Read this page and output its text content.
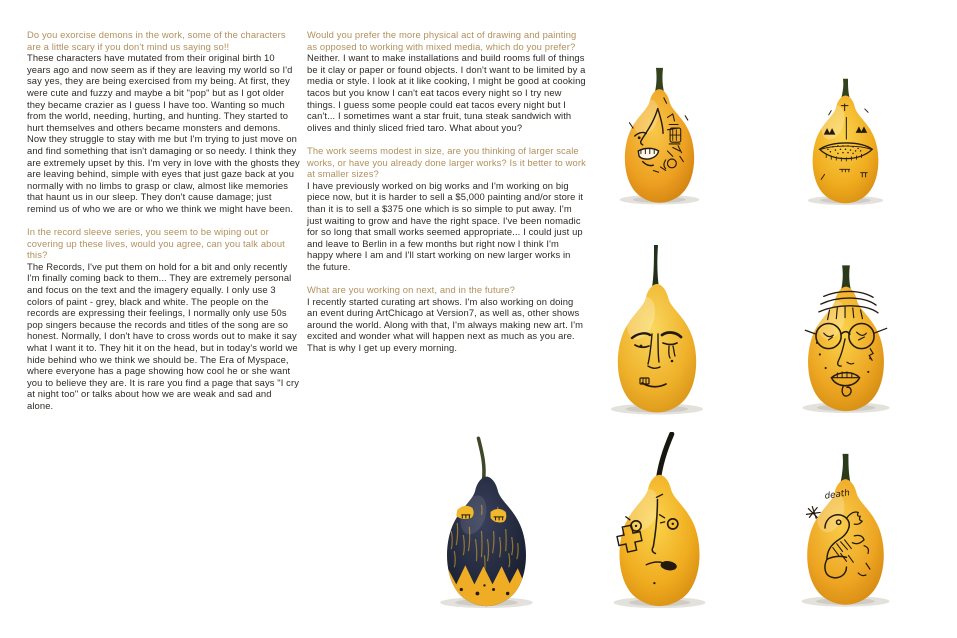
Do you exorcise demons in the work, some of the characters are a little scary if you don't mind us saying so!!

These characters have mutated from their original birth 10 years ago and now seem as if they are leaving my world so I'd say yes, they are being exercised from my being. At first, they were cute and fuzzy and maybe a bit "pop" but as I got older they became crazier as I guess I have too. Wanting so much from the world, needing, hurting, and hunting. They started to hurt themselves and others became monsters and demons. Now they struggle to stay with me but I'm trying to just move on and find something that isn't damaging or so needy. I think they are extremely upset by this. I'm very in love with the ghosts they are leaving behind, simple with eyes that just gaze back at you normally with no limbs to grasp or claw, almost like memories that haunt us in our sleep. They don't cause damage; just remind us of who we are or who we think we might have been.

In the record sleeve series, you seem to be wiping out or covering up these lives, would you agree, can you talk about this?

The Records, I've put them on hold for a bit and only recently I'm finally coming back to them... They are extremely personal and focus on the text and the imagery equally. I only use 3 colors of paint - grey, black and white. The people on the records are expressing their feelings, I normally only use 50s pop singers because the records and titles of the song are so honest. Normally, I don't have to cross words out to make it say what I want it to. They hit it on the head, but in today's world we hide behind who we think we should be. The Era of Myspace, where everyone has a page showing how cool he or she want you to believe they are. It is rare you find a page that says "I cry at night too" or talks about how we are weak and sad and alone.

Would you prefer the more physical act of drawing and painting as opposed to working with mixed media, which do you prefer?

Neither. I want to make installations and build rooms full of things be it clay or paper or found objects. I don't want to be limited by a media or style. I look at it like cooking, I might be good at cooking tacos but you know I can't eat tacos every night so I try new things. I guess some people could eat tacos every night but I can't... I sometimes want a star fruit, tuna steak sandwich with olives and thinly sliced fried taro. What about you?

The work seems modest in size, are you thinking of larger scale works, or have you already done larger works? Is it better to work at smaller sizes?

I have previously worked on big works and I'm working on big piece now, but it is harder to sell a $5,000 painting and/or store it than it is to sell a $375 one which is so simple to put away. I'm just waiting to grow and have the right space. I've been nomadic for so long that small works seemed appropriate... I could just up and leave to Berlin in a few months but right now I think I'm happy where I am and I'll start working on new larger works in the future.

What are you working on next, and in the future?

I recently started curating art shows. I'm also working on doing an event during ArtChicago at Version7, as well as, other shows around the world. Along with that, I'm always making new art. I'm excited and wonder what will happen next as much as you are. That is why I get up every morning.

death
